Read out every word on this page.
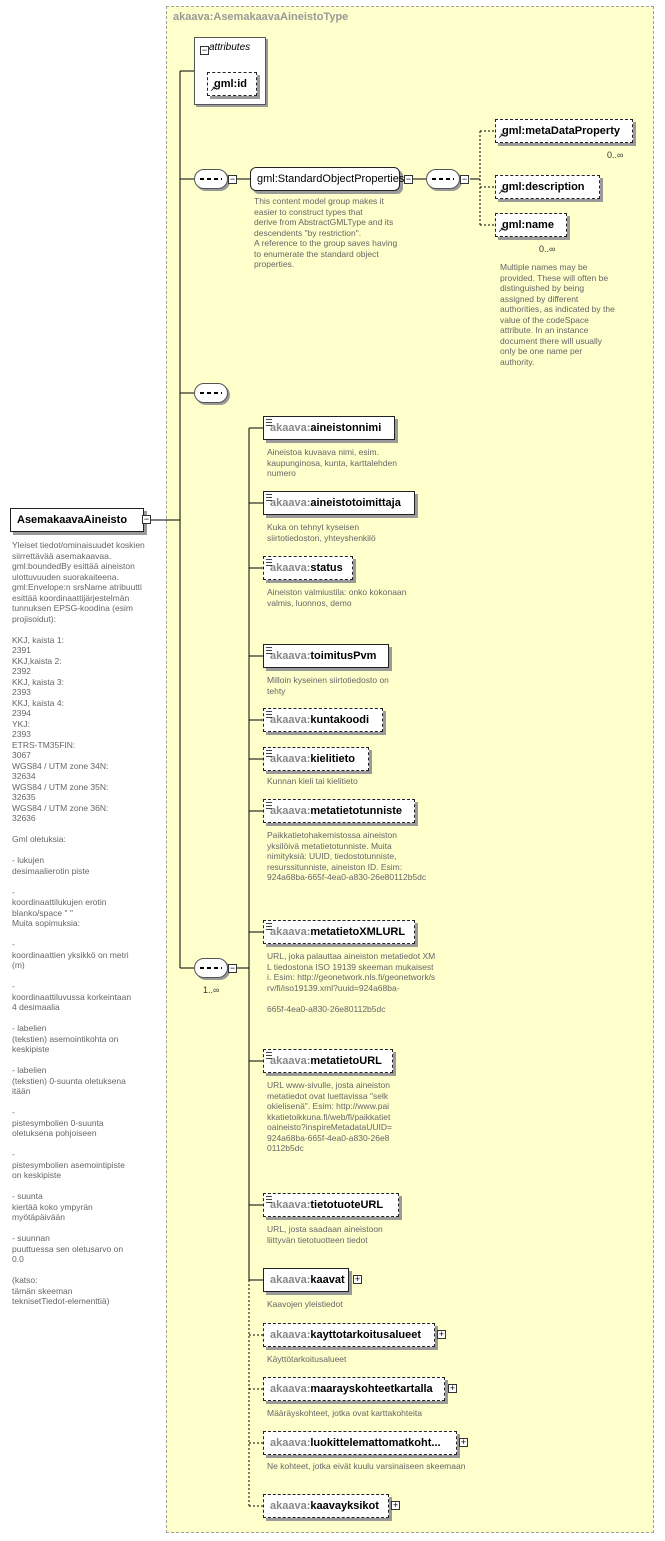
akaava:AsemakaavaAineistoType
AsemakaavaAineisto	−
Yleiset tiedot/ominaisuudet koskien siirrettävää asemakaavaa. gml:boundedBy esittää aineiston ulottuvuuden suorakaiteena. gml:Envelope:n srsName atribuutti esittää koordinaattijärjestelmän tunnuksen EPSG-koodina (esim projisoidut):

KKJ, kaista 1:
2391
KKJ,kaista 2:
2392
KKJ, kaista 3:
2393
KKJ, kaista 4:
2394
YKJ:
2393
ETRS-TM35FIN:
3067
WGS84 / UTM zone 34N:
32634
WGS84 / UTM zone 35N:
32635
WGS84 / UTM zone 36N:
32636

Gml oletuksia:

- lukujen
desimaalierotin piste

-
koordinaattilukujen erotin
blanko/space " "
Muita sopimuksia:

-
koordinaattien yksikkö on metri
(m)

-
koordinaattiluvussa korkeintaan
4 desimaalia

- labelien
(tekstien) asemointikohta on
keskipiste

- labelien
(tekstien) 0-suunta oletuksena
itään

-
pistesymbolien 0-suunta
oletuksena pohjoiseen

-
pistesymbolien asemointipiste
on keskipiste

- suunta
kiertää koko ympyrän
myötäpäivään

- suunnan
puuttuessa sen oletusarvo on
0.0

(katso:
tämän skeeman
teknisetTiedot-elementtiä)
− attributes
↗
gml:id
−	gml:StandardObjectProperties −
This content model group makes it easier to construct types that
derive from AbstractGMLType and its descendents "by restriction".
A reference to the group saves having to enumerate the standard object properties.
−
↗
gml:metaDataProperty
0..∞
↗
gml:description
↗
gml:name
0..∞
Multiple names may be provided. These will often be distinguished by being assigned by different authorities, as indicated by the value of the codeSpace attribute. In an instance document there will usually only be one name per authority.
−
1..∞
akaava:aineistonnimi
Aineistoa kuvaava nimi, esim. kaupunginosa, kunta, karttalehden numero
akaava:aineistotoimittaja
Kuka on tehnyt kyseisen siirtotiedoston, yhteyshenkilö
akaava:status
Aineiston valmiustila: onko kokonaan valmis, luonnos, demo
akaava:toimitusPvm
Milloin kyseinen siirtotiedosto on tehty
akaava:kuntakoodi
akaava:kielitieto
Kunnan kieli tai kielitieto
akaava:metatietotunniste
Paikkatietohakemistossa aineiston yksilöivä metatietotunniste. Muita nimityksiä: UUID, tiedostotunniste, resurssitunniste, aineiston ID. Esim: 924a68ba-665f-4ea0-a830-26e80112b5dc
akaava:metatietoXMLURL
URL, joka palauttaa aineiston metatiedot XML tiedostona ISO 19139 skeeman mukaisesti. Esim: http://geonetwork.nls.fi/geonetwork/srv/fi/iso19139.xml?uuid=924a68ba-

665f-4ea0-a830-26e80112b5dc
akaava:metatietoURL
URL www-sivulle, josta aineiston metatiedot ovat luettavissa "selkokielisenä". Esim: http://www.paikkatietoikkuna.fi/web/fi/paikkatietoaineisto?inspireMetadataUUID=924a68ba-665f-4ea0-a830-26e80112b5dc
akaava:tietotuoteURL
URL, josta saadaan aineistoon liittyvän tietotuotteen tiedot
akaava:kaavat	+
Kaavojen yleistiedot
akaava:kayttotarkoitusalueet	+
Käyttötarkoitusalueet
akaava:maarayskohteetkartalla	+
Määräyskohteet, jotka ovat karttakohteita
akaava:luokittelemattomatkoht...	+
Ne kohteet, jotka eivät kuulu varsinaiseen skeemaan
akaava:kaavayksikot	+
